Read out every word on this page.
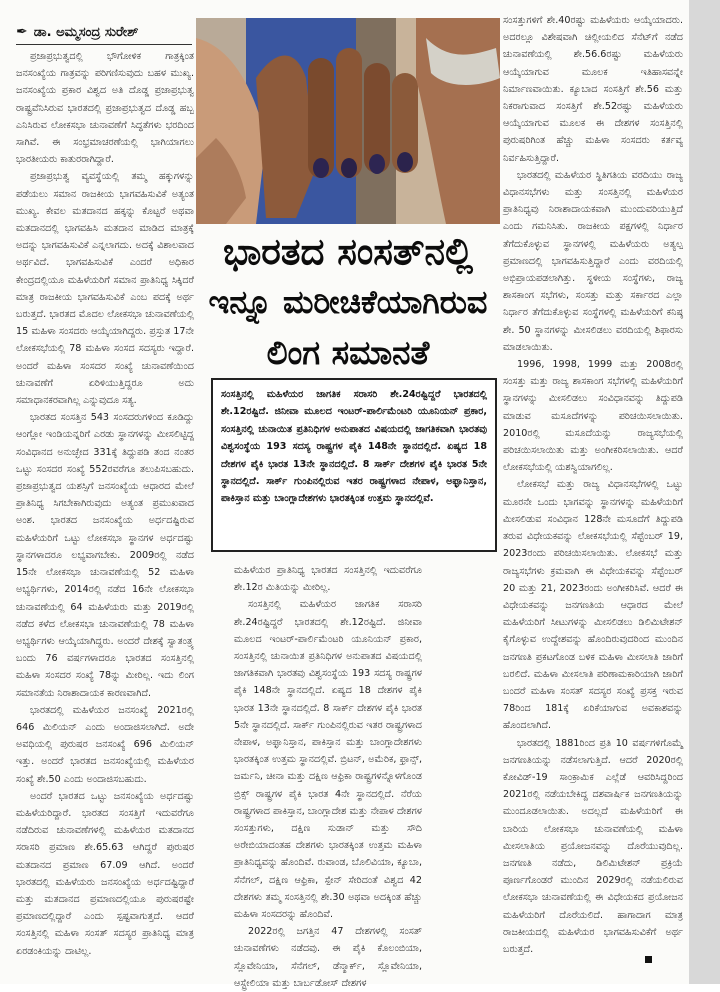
✒ ಡಾ. ಅಮ್ಮಸಂದ್ರ ಸುರೇಶ್

ಪ್ರಜಾಪ್ರಭುತ್ವದಲ್ಲಿ ಭೌಗೋಳಿಕ ಗಾತ್ರಕ್ಕಿಂತ ಜನಸಂಖ್ಯೆಯ ಗಾತ್ರವನ್ನು ಪರಿಗಣಿಸುವುದು ಬಹಳ ಮುಖ್ಯ. ಜನಸಂಖ್ಯೆಯ ಪ್ರಕಾರ ವಿಶ್ವದ ಅತಿ ದೊಡ್ಡ ಪ್ರಜಾಪ್ರಭುತ್ವ ರಾಷ್ಟ್ರವೆನಿಸಿರುವ ಭಾರತದಲ್ಲಿ ಪ್ರಜಾಪ್ರಭುತ್ವದ ದೊಡ್ಡ ಹಬ್ಬ ಎನಿಸಿರುವ ಲೋಕಸಭಾ ಚುನಾವಣೆಗೆ ಸಿದ್ಧತೆಗಳು ಭರದಿಂದ ಸಾಗಿವೆ. ಈ ಸಂಭ್ರಮಾಚರಣೆಯಲ್ಲಿ ಭಾಗಿಯಾಗಲು ಭಾರತೀಯರು ಕಾತುರರಾಗಿದ್ದಾರೆ.

ಪ್ರಜಾಪ್ರಭುತ್ವ ವ್ಯವಸ್ಥೆಯಲ್ಲಿ ತಮ್ಮ ಹಕ್ಕುಗಳನ್ನು ಪಡೆಯಲು ಸಮಾನ ರಾಜಕೀಯ ಭಾಗವಹಿಸುವಿಕೆ ಅತ್ಯಂತ ಮುಖ್ಯ. ಕೇವಲ ಮತದಾನದ ಹಕ್ಕನ್ನು ಕೊಟ್ಟರೆ ಅಥವಾ ಮತದಾನದಲ್ಲಿ ಭಾಗವಹಿಸಿ ಮತದಾನ ಮಾಡಿದ ಮಾತ್ರಕ್ಕೆ ಅದನ್ನು ಭಾಗವಹಿಸುವಿಕೆ ಎನ್ನಲಾಗದು. ಅದಕ್ಕೆ ವಿಶಾಲವಾದ ಅರ್ಥವಿದೆ. ಭಾಗವಹಿಸುವಿಕೆ ಎಂದರೆ ಅಧಿಕಾರ ಕೇಂದ್ರದಲ್ಲಿಯೂ ಮಹಿಳೆಯರಿಗೆ ಸಮಾನ ಪ್ರಾತಿನಿಧ್ಯ ಸಿಕ್ಕಿದರೆ ಮಾತ್ರ ರಾಜಕೀಯ ಭಾಗವಹಿಸುವಿಕೆ ಎಂಬ ಪದಕ್ಕೆ ಅರ್ಥ ಬರುತ್ತದೆ. ಭಾರತದ ಮೊದಲ ಲೋಕಸಭಾ ಚುನಾವಣೆಯಲ್ಲಿ 15 ಮಹಿಳಾ ಸಂಸದರು ಆಯ್ಕೆಯಾಗಿದ್ದರು. ಪ್ರಸ್ತುತ 17ನೇ ಲೋಕಸಭೆಯಲ್ಲಿ 78 ಮಹಿಳಾ ಸಂಸದ ಸದಸ್ಯರು ಇದ್ದಾರೆ. ಅಂದರೆ ಮಹಿಳಾ ಸಂಸದರ ಸಂಖ್ಯೆ ಚುನಾವಣೆಯಿಂದ ಚುನಾವಣೆಗೆ ಏರಿಳಿಯುತ್ತಿದ್ದರೂ ಅದು ಸಮಾಧಾನಕರವಾಗಿಲ್ಲ ಎನ್ನುವುದೂ ಸತ್ಯ.

ಭಾರತದ ಸಂಸತ್ತಿನ 543 ಸಂಸದರುಗಳಿಂದ ಕೂಡಿದ್ದು ಆಂಗ್ಲೋ ಇಂಡಿಯನ್ನರಿಗೆ ಎರಡು ಸ್ಥಾನಗಳನ್ನು ಮೀಸಲಿಟ್ಟಿದ್ದ ಸಂವಿಧಾನದ ಅನುಚ್ಛೇದ 331ಕ್ಕೆ ತಿದ್ದುಪಡಿ ತಂದ ನಂತರ ಒಟ್ಟು ಸಂಸದರ ಸಂಖ್ಯೆ 552ರವರೆಗೂ ತಲುಪಿಸಬಹುದು. ಪ್ರಜಾಪ್ರಭುತ್ವದ ಯಶಸ್ಸಿಗೆ ಜನಸಂಖ್ಯೆಯ ಆಧಾರದ ಮೇಲೆ ಪ್ರಾತಿನಿಧ್ಯ ಸಿಗಬೇಕಾಗಿರುವುದು ಅತ್ಯಂತ ಪ್ರಮುಖವಾದ ಅಂಶ. ಭಾರತದ ಜನಸಂಖ್ಯೆಯ ಅರ್ಧದಷ್ಟಿರುವ ಮಹಿಳೆಯರಿಗೆ ಒಟ್ಟು ಲೋಕಸಭಾ ಸ್ಥಾನಗಳ ಅರ್ಧದಷ್ಟು ಸ್ಥಾನಗಳಾದರೂ ಲಭ್ಯವಾಗಬೇಕು. 2009ರಲ್ಲಿ ನಡೆದ 15ನೇ ಲೋಕಸಭಾ ಚುನಾವಣೆಯಲ್ಲಿ 52 ಮಹಿಳಾ ಅಭ್ಯರ್ಥಿಗಳು, 2014ರಲ್ಲಿ ನಡೆದ 16ನೇ ಲೋಕಸಭಾ ಚುನಾವಣೆಯಲ್ಲಿ 64 ಮಹಿಳೆಯರು ಮತ್ತು 2019ರಲ್ಲಿ ನಡೆದ ಕಳೆದ ಲೋಕಸಭಾ ಚುನಾವಣೆಯಲ್ಲಿ 78 ಮಹಿಳಾ ಅಭ್ಯರ್ಥಿಗಳು ಆಯ್ಕೆಯಾಗಿದ್ದರು. ಅಂದರೆ ದೇಶಕ್ಕೆ ಸ್ವಾತಂತ್ರ್ಯ ಬಂದು 76 ವರ್ಷಗಳಾದರೂ ಭಾರತದ ಸಂಸತ್ತಿನಲ್ಲಿ ಮಹಿಳಾ ಸಂಸದರ ಸಂಖ್ಯೆ 78ನ್ನು ಮೀರಿಲ್ಲ. ಇದು ಲಿಂಗ ಸಮಾನತೆಯ ನಿರಾಶಾದಾಯಕ ಕಾರಣವಾಗಿದೆ.

ಭಾರತದಲ್ಲಿ ಮಹಿಳೆಯರ ಜನಸಂಖ್ಯೆ 2021ರಲ್ಲಿ 646 ಮಿಲಿಯನ್ ಎಂದು ಅಂದಾಜಿಸಲಾಗಿದೆ. ಅದೇ ಅವಧಿಯಲ್ಲಿ ಪುರುಷರ ಜನಸಂಖ್ಯೆ 696 ಮಿಲಿಯನ್ ಇತ್ತು. ಅಂದರೆ ಭಾರತದ ಜನಸಂಖ್ಯೆಯಲ್ಲಿ ಮಹಿಳೆಯರ ಸಂಖ್ಯೆ ಶೇ.50 ಎಂದು ಅಂದಾಜಿಸಬಹುದು.

ಅಂದರೆ ಭಾರತದ ಒಟ್ಟು ಜನಸಂಖ್ಯೆಯ ಅರ್ಧದಷ್ಟು ಮಹಿಳೆಯರಿದ್ದಾರೆ. ಭಾರತದ ಸಂಸತ್ತಿಗೆ ಇದುವರೆಗೂ ನಡೆದಿರುವ ಚುನಾವಣೆಗಳಲ್ಲಿ ಮಹಿಳೆಯರ ಮತದಾನದ ಸರಾಸರಿ ಪ್ರಮಾಣ ಶೇ.65.63 ಆಗಿದ್ದರೆ ಪುರುಷರ ಮತದಾನದ ಪ್ರಮಾಣ 67.09 ಆಗಿದೆ. ಅಂದರೆ ಭಾರತದಲ್ಲಿ ಮಹಿಳೆಯರು ಜನಸಂಖ್ಯೆಯ ಅರ್ಧದಷ್ಟಿದ್ದಾರೆ ಮತ್ತು ಮತದಾನದ ಪ್ರಮಾಣದಲ್ಲಿಯೂ ಪುರುಷರಷ್ಟೇ ಪ್ರಮಾಣದಲ್ಲಿದ್ದಾರೆ ಎಂದು ಸ್ಪಷ್ಟವಾಗುತ್ತದೆ. ಆದರೆ ಸಂಸತ್ತಿನಲ್ಲಿ ಮಹಿಳಾ ಸಂಸತ್ ಸದಸ್ಯರ ಪ್ರಾತಿನಿಧ್ಯ ಮಾತ್ರ ಏರಡಂಕಿಯನ್ನು ದಾಟಿಲ್ಲ.

ಭಾರತದ ಸಂಸತ್‌ನಲ್ಲಿ
ಇನ್ನೂ ಮರೀಚಿಕೆಯಾಗಿರುವ
ಲಿಂಗ ಸಮಾನತೆ
ಸಂಸತ್ತಿನಲ್ಲಿ ಮಹಿಳೆಯರ ಜಾಗತಿಕ ಸರಾಸರಿ ಶೇ.24ರಷ್ಟಿದ್ದರೆ ಭಾರತದಲ್ಲಿ ಶೇ.12ರಷ್ಟಿದೆ. ಜಿನೀವಾ ಮೂಲದ ಇಂಟರ್-ಪಾರ್ಲಿಮೆಂಟರಿ ಯೂನಿಯನ್ ಪ್ರಕಾರ, ಸಂಸತ್ತಿನಲ್ಲಿ ಚುನಾಯಿತ ಪ್ರತಿನಿಧಿಗಳ ಅನುಪಾತದ ವಿಷಯದಲ್ಲಿ ಜಾಗತಿಕವಾಗಿ ಭಾರತವು ವಿಶ್ವಸಂಸ್ಥೆಯ 193 ಸದಸ್ಯ ರಾಷ್ಟ್ರಗಳ ಪೈಕಿ 148ನೇ ಸ್ಥಾನದಲ್ಲಿದೆ. ಏಷ್ಯದ 18 ದೇಶಗಳ ಪೈಕಿ ಭಾರತ 13ನೇ ಸ್ಥಾನದಲ್ಲಿದೆ. 8 ಸಾರ್ಕ್ ದೇಶಗಳ ಪೈಕಿ ಭಾರತ 5ನೇ ಸ್ಥಾನದಲ್ಲಿದೆ. ಸಾರ್ಕ್ ಗುಂಪಿನಲ್ಲಿರುವ ಇತರ ರಾಷ್ಟ್ರಗಳಾದ ನೇಪಾಳ, ಅಫ್ಘಾನಿಸ್ತಾನ, ಪಾಕಿಸ್ತಾನ ಮತ್ತು ಬಾಂಗ್ಲಾದೇಶಗಳು ಭಾರತಕ್ಕಿಂತ ಉತ್ತಮ ಸ್ಥಾನದಲ್ಲಿವೆ.

ಮಹಿಳೆಯರ ಪ್ರಾತಿನಿಧ್ಯ ಭಾರತದ ಸಂಸತ್ತಿನಲ್ಲಿ ಇದುವರೆಗೂ ಶೇ.12ರ ಮಿತಿಯನ್ನು ಮೀರಿಲ್ಲ.

ಸಂಸತ್ತಿನಲ್ಲಿ ಮಹಿಳೆಯರ ಜಾಗತಿಕ ಸರಾಸರಿ ಶೇ.24ರಷ್ಟಿದ್ದರೆ ಭಾರತದಲ್ಲಿ ಶೇ.12ರಷ್ಟಿದೆ. ಜಿನೀವಾ ಮೂಲದ ಇಂಟರ್-ಪಾರ್ಲಿಮೆಂಟರಿ ಯೂನಿಯನ್ ಪ್ರಕಾರ, ಸಂಸತ್ತಿನಲ್ಲಿ ಚುನಾಯಿತ ಪ್ರತಿನಿಧಿಗಳ ಅನುಪಾತದ ವಿಷಯದಲ್ಲಿ ಜಾಗತಿಕವಾಗಿ ಭಾರತವು ವಿಶ್ವಸಂಸ್ಥೆಯ 193 ಸದಸ್ಯ ರಾಷ್ಟ್ರಗಳ ಪೈಕಿ 148ನೇ ಸ್ಥಾನದಲ್ಲಿದೆ. ಏಷ್ಯದ 18 ದೇಶಗಳ ಪೈಕಿ ಭಾರತ 13ನೇ ಸ್ಥಾನದಲ್ಲಿದೆ. 8 ಸಾರ್ಕ್ ದೇಶಗಳ ಪೈಕಿ ಭಾರತ 5ನೇ ಸ್ಥಾನದಲ್ಲಿದೆ. ಸಾರ್ಕ್ ಗುಂಪಿನಲ್ಲಿರುವ ಇತರ ರಾಷ್ಟ್ರಗಳಾದ ನೇಪಾಳ, ಅಫ್ಘಾನಿಸ್ತಾನ, ಪಾಕಿಸ್ತಾನ ಮತ್ತು ಬಾಂಗ್ಲಾದೇಶಗಳು ಭಾರತಕ್ಕಿಂತ ಉತ್ತಮ ಸ್ಥಾನದಲ್ಲಿವೆ. ಬ್ರಿಟನ್, ಅಮೆರಿಕ, ಫ್ರಾನ್ಸ್, ಜರ್ಮನಿ, ಚೀನಾ ಮತ್ತು ದಕ್ಷಿಣ ಆಫ್ರಿಕಾ ರಾಷ್ಟ್ರಗಳನ್ನೊಳಗೊಂಡ ಬ್ರಿಕ್ಸ್ ರಾಷ್ಟ್ರಗಳ ಪೈಕಿ ಭಾರತ 4ನೇ ಸ್ಥಾನದಲ್ಲಿದೆ. ನೆರೆಯ ರಾಷ್ಟ್ರಗಳಾದ ಪಾಕಿಸ್ತಾನ, ಬಾಂಗ್ಲಾದೇಶ ಮತ್ತು ನೇಪಾಳ ದೇಶಗಳ ಸಂಸತ್ತುಗಳು, ದಕ್ಷಿಣ ಸುಡಾನ್ ಮತ್ತು ಸೌದಿ ಅರೇಬಿಯಾದಂತಹ ದೇಶಗಳು ಭಾರತಕ್ಕಿಂತ ಉತ್ತಮ ಮಹಿಳಾ ಪ್ರಾತಿನಿಧ್ಯವನ್ನು ಹೊಂದಿವೆ. ರುವಾಂಡ, ಬೊಲಿವಿಯಾ, ಕ್ಯೂಬಾ, ಸೆನೆಗಲ್, ದಕ್ಷಿಣ ಆಫ್ರಿಕಾ, ಸ್ಪೇನ್ ಸೇರಿದಂತೆ ವಿಶ್ವದ 42 ದೇಶಗಳು ತಮ್ಮ ಸಂಸತ್ತಿನಲ್ಲಿ ಶೇ.30 ಅಥವಾ ಅದಕ್ಕಿಂತ ಹೆಚ್ಚು ಮಹಿಳಾ ಸಂಸದರನ್ನು ಹೊಂದಿವೆ.

2022ರಲ್ಲಿ ಜಗತ್ತಿನ 47 ದೇಶಗಳಲ್ಲಿ ಸಂಸತ್ ಚುನಾವಣೆಗಳು ನಡೆದವು. ಈ ಪೈಕಿ ಕೊಲಂಬಿಯಾ, ಸ್ಲೊವೇನಿಯಾ, ಸೆನೆಗಲ್, ಡೆನ್ಮಾರ್ಕ್, ಸ್ಲೊವೇನಿಯಾ, ಆಸ್ಟ್ರೇಲಿಯಾ ಮತ್ತು ಬಾರ್ಬಡೋಸ್ ದೇಶಗಳ

ಸಂಸತ್ತುಗಳಿಗೆ ಶೇ.40ರಷ್ಟು ಮಹಿಳೆಯರು ಆಯ್ಕೆಯಾದರು. ಅದರಲ್ಲೂ ವಿಶೇಷವಾಗಿ ಚಿಲ್ಲೀಯಲಿದ ಸೆನೆಟ್‌ಗೆ ನಡೆದ ಚುನಾವಣೆಯಲ್ಲಿ ಶೇ.56.6ರಷ್ಟು ಮಹಿಳೆಯರು ಆಯ್ಕೆಯಾಗುವ ಮೂಲಕ ಇತಿಹಾಸವನ್ನೇ ನಿರ್ಮಾಣವಾಯಿತು. ಕ್ಯೂಬಾದ ಸಂಸತ್ತಿಗೆ ಶೇ.56 ಮತ್ತು ನಿಕರಾಗುವಾದ ಸಂಸತ್ತಿಗೆ ಶೇ.52ರಷ್ಟು ಮಹಿಳೆಯರು ಆಯ್ಕೆಯಾಗುವ ಮೂಲಕ ಈ ದೇಶಗಳ ಸಂಸತ್ತಿನಲ್ಲಿ ಪುರುಷರಿಗಿಂತ ಹೆಚ್ಚು ಮಹಿಳಾ ಸಂಸದರು ಕರ್ತವ್ಯ ನಿರ್ವಹಿಸುತ್ತಿದ್ದಾರೆ.

ಭಾರತದಲ್ಲಿ ಮಹಿಳೆಯರ ಸ್ಥಿತಿಗತಿಯ ವರದಿಯು ರಾಜ್ಯ ವಿಧಾನಸಭೆಗಳು ಮತ್ತು ಸಂಸತ್ತಿನಲ್ಲಿ ಮಹಿಳೆಯರ ಪ್ರಾತಿನಿಧ್ಯವು ನಿರಾಶಾದಾಯಕವಾಗಿ ಮುಂದುವರಿಯುತ್ತಿದೆ ಎಂದು ಗಮನಿಸಿತು. ರಾಜಕೀಯ ಪಕ್ಷಗಳಲ್ಲಿ ನಿರ್ಧಾರ ತೆಗೆದುಕೊಳ್ಳುವ ಸ್ಥಾನಗಳಲ್ಲಿ ಮಹಿಳೆಯರು ಅತ್ಯಲ್ಪ ಪ್ರಮಾಣದಲ್ಲಿ ಭಾಗವಹಿಸುತ್ತಿದ್ದಾರೆ ಎಂದು ವರದಿಯಲ್ಲಿ ಅಭಿಪ್ರಾಯಪಡಲಾಗಿತ್ತು. ಸ್ಥಳೀಯ ಸಂಸ್ಥೆಗಳು, ರಾಜ್ಯ ಶಾಸಕಾಂಗ ಸಭೆಗಳು, ಸಂಸತ್ತು ಮತ್ತು ಸರ್ಕಾರದ ಎಲ್ಲಾ ನಿರ್ಧಾರ ತೆಗೆದುಕೊಳ್ಳುವ ಸಂಸ್ಥೆಗಳಲ್ಲಿ ಮಹಿಳೆಯರಿಗೆ ಕನಿಷ್ಠ ಶೇ. 50 ಸ್ಥಾನಗಳನ್ನು ಮೀಸಲಿಡಲು ವರದಿಯಲ್ಲಿ ಶಿಫಾರಸು ಮಾಡಲಾಯಿತು.

1996, 1998, 1999 ಮತ್ತು 2008ರಲ್ಲಿ ಸಂಸತ್ತು ಮತ್ತು ರಾಜ್ಯ ಶಾಸಕಾಂಗ ಸಭೆಗಳಲ್ಲಿ ಮಹಿಳೆಯರಿಗೆ ಸ್ಥಾನಗಳನ್ನು ಮೀಸಲಿಡಲು ಸಂವಿಧಾನವನ್ನು ತಿದ್ದುಪಡಿ ಮಾಡುವ ಮಸೂದೆಗಳನ್ನು ಪರಿಚಯಿಸಲಾಯಿತು. 2010ರಲ್ಲಿ ಮಸೂದೆಯನ್ನು ರಾಜ್ಯಸಭೆಯಲ್ಲಿ ಪರಿಚಯಿಸಲಾಯಿತು ಮತ್ತು ಅಂಗೀಕರಿಸಲಾಯಿತು. ಆದರೆ ಲೋಕಸಭೆಯಲ್ಲಿ ಯಶಸ್ವಿಯಾಗಲಿಲ್ಲ.

ಲೋಕಸಭೆ ಮತ್ತು ರಾಜ್ಯ ವಿಧಾನಸಭೆಗಳಲ್ಲಿ ಒಟ್ಟು ಮೂರನೇ ಒಂದು ಭಾಗವನ್ನು ಸ್ಥಾನಗಳನ್ನು ಮಹಿಳೆಯರಿಗೆ ಮೀಸಲಿಡುವ ಸಂವಿಧಾನ 128ನೇ ಮಸೂದೆಗೆ ತಿದ್ದುಪಡಿ ತರುವ ವಿಧೇಯಕವನ್ನು ಲೋಕಸಭೆಯಲ್ಲಿ ಸೆಪ್ಟೆಂಬರ್ 19, 2023ರಂದು ಪರಿಚಯಿಸಲಾಯಿತು. ಲೋಕಸಭೆ ಮತ್ತು ರಾಜ್ಯಸಭೆಗಳು ಕ್ರಮವಾಗಿ ಈ ವಿಧೇಯಕವನ್ನು ಸೆಪ್ಟೆಂಬರ್ 20 ಮತ್ತು 21, 2023ರಂದು ಅಂಗೀಕರಿಸಿವೆ. ಆದರೆ ಈ ವಿಧೇಯಕವನ್ನು ಜನಗಣತಿಯ ಆಧಾರದ ಮೇಲೆ ಮಹಿಳೆಯರಿಗೆ ಸೀಟುಗಳನ್ನು ಮೀಸಲಿಡಲು ಡಿಲಿಮಿಟೇಶನ್ ಕೈಗೊಳ್ಳುವ ಉದ್ದೇಶವನ್ನು ಹೊಂದಿರುವುದರಿಂದ ಮುಂದಿನ ಜನಗಣತಿ ಪ್ರಕಟಗೊಂಡ ಬಳಿಕ ಮಹಿಳಾ ಮೀಸಲಾತಿ ಜಾರಿಗೆ ಬರಲಿದೆ. ಮಹಿಳಾ ಮೀಸಲಾತಿ ಪರಿಣಾಮಕಾರಿಯಾಗಿ ಜಾರಿಗೆ ಬಂದರೆ ಮಹಿಳಾ ಸಂಸತ್ ಸದಸ್ಯರ ಸಂಖ್ಯೆ ಪ್ರಸಕ್ತ ಇರುವ 78ರಿಂದ 181ಕ್ಕೆ ಏರಿಕೆಯಾಗುವ ಅವಕಾಶವನ್ನು ಹೊಂದಲಾಗಿದೆ.

ಭಾರತದಲ್ಲಿ 1881ರಿಂದ ಪ್ರತಿ 10 ವರ್ಷಗಳಿಗೊಮ್ಮೆ ಜನಗಣತಿಯನ್ನು ನಡೆಸಲಾಗುತ್ತಿದೆ. ಆದರೆ 2020ರಲ್ಲಿ ಕೋವಿಡ್-19 ಸಾಂಕ್ರಾಮಿಕ ಎಲ್ಲೆಡೆ ಆವರಿಸಿದ್ದರಿಂದ 2021ರಲ್ಲಿ ನಡೆಯಬೇಕಿದ್ದ ದಶವಾರ್ಷಿಕ ಜನಗಣತಿಯನ್ನು ಮುಂದೂಡಲಾಯಿತು. ಅದಲ್ಲದೆ ಮಹಿಳೆಯರಿಗೆ ಈ ಬಾರಿಯ ಲೋಕಸಭಾ ಚುನಾವಣೆಯಲ್ಲಿ ಮಹಿಳಾ ಮೀಸಲಾತಿಯ ಪ್ರಯೋಜನವನ್ನು ದೊರೆಯುವುದಿಲ್ಲ. ಜನಗಣತಿ ನಡೆದು, ಡಿಲಿಮಿಟೇಶನ್ ಪ್ರಕ್ರಿಯೆ ಪೂರ್ಣಗೊಂಡರೆ ಮುಂದಿನ 2029ರಲ್ಲಿ ನಡೆಯಲಿರುವ ಲೋಕಸಭಾ ಚುನಾವಣೆಯಲ್ಲಿ ಈ ವಿಧೇಯಕದ ಪ್ರಯೋಜನ ಮಹಿಳೆಯರಿಗೆ ದೊರೆಯಲಿದೆ. ಹಾಗಾದಾಗ ಮಾತ್ರ ರಾಜಕೀಯದಲ್ಲಿ ಮಹಿಳೆಯರ ಭಾಗವಹಿಸುವಿಕೆಗೆ ಅರ್ಥ ಬರುತ್ತದೆ.
